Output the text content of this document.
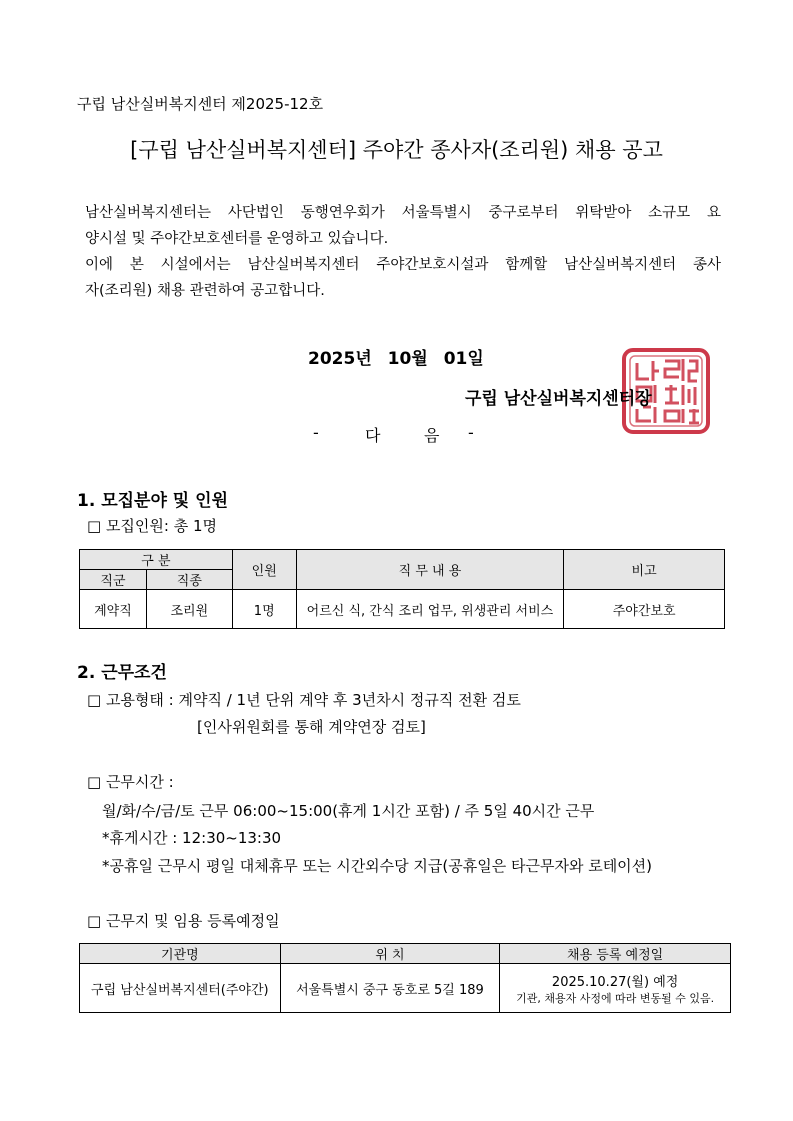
구립 남산실버복지센터 제2025-12호
[구립 남산실버복지센터] 주야간 종사자(조리원) 채용 공고

남산실버복지센터는 사단법인 동행연우회가 서울특별시 중구로부터 위탁받아 소규모 요

양시설 및 주야간보호센터를 운영하고 있습니다.

이에 본 시설에서는 남산실버복지센터 주야간보호시설과 함께할 남산실버복지센터 종사

자(조리원) 채용 관련하여 공고합니다.

2025년 10월 01일
구립 남산실버복지센터장
-	다	음 -
1. 모집분야 및 인원
□ 모집인원: 총 1명
구 분		인원	직 무 내 용	비고
직군	직종			
계약직	조리원	1명	어르신 식, 간식 조리 업무, 위생관리 서비스	주야간보호
2. 근무조건
□ 고용형태 : 계약직 / 1년 단위 계약 후 3년차시 정규직 전환 검토
[인사위원회를 통해 계약연장 검토]
□ 근무시간 :
월/화/수/금/토 근무 06:00~15:00(휴게 1시간 포함) / 주 5일 40시간 근무
*휴게시간 : 12:30~13:30
*공휴일 근무시 평일 대체휴무 또는 시간외수당 지급(공휴일은 타근무자와 로테이션)
□ 근무지 및 임용 등록예정일
기관명	위 치	채용 등록 예정일
구립 남산실버복지센터(주야간)	서울특별시 중구 동호로 5길 189	2025.10.27(월) 예정
기관, 채용자 사정에 따라 변동될 수 있음.
